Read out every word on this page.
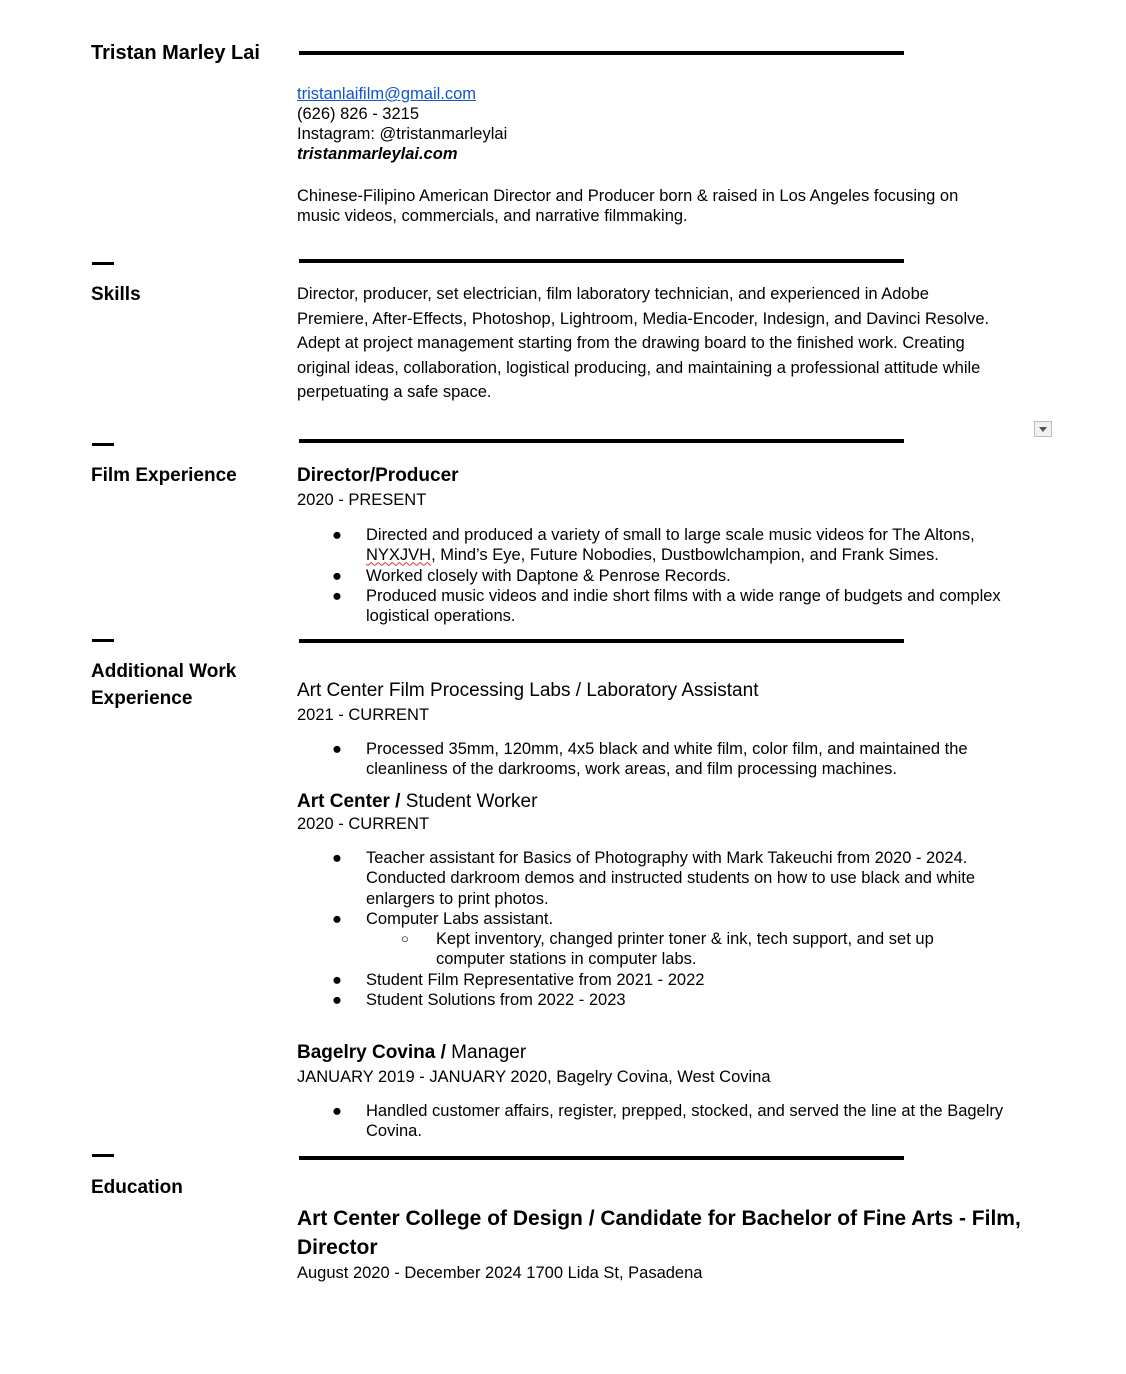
Tristan Marley Lai
tristanlaifilm@gmail.com
(626) 826 - 3215
Instagram: @tristanmarleylai
tristanmarleylai.com
Chinese-Filipino American Director and Producer born & raised in Los Angeles focusing on
music videos, commercials, and narrative filmmaking.
Skills	Director, producer, set electrician, film laboratory technician, and experienced in Adobe
Premiere, After-Effects, Photoshop, Lightroom, Media-Encoder, Indesign, and Davinci Resolve.
Adept at project management starting from the drawing board to the finished work. Creating
original ideas, collaboration, logistical producing, and maintaining a professional attitude while
perpetuating a safe space.
Film Experience	Director/Producer
2020 - PRESENT
● Directed and produced a variety of small to large scale music videos for The Altons,
NYXJVH, Mind’s Eye, Future Nobodies, Dustbowlchampion, and Frank Simes.
● Worked closely with Daptone & Penrose Records.
● Produced music videos and indie short films with a wide range of budgets and complex
logistical operations.
Additional Work
Experience	Art Center Film Processing Labs / Laboratory Assistant
2021 - CURRENT
● Processed 35mm, 120mm, 4x5 black and white film, color film, and maintained the
cleanliness of the darkrooms, work areas, and film processing machines.
Art Center / Student Worker
2020 - CURRENT
● Teacher assistant for Basics of Photography with Mark Takeuchi from 2020 - 2024.
Conducted darkroom demos and instructed students on how to use black and white
enlargers to print photos.
● Computer Labs assistant.
○ Kept inventory, changed printer toner & ink, tech support, and set up
computer stations in computer labs.
● Student Film Representative from 2021 - 2022
● Student Solutions from 2022 - 2023
Bagelry Covina / Manager
JANUARY 2019 - JANUARY 2020, Bagelry Covina, West Covina
● Handled customer affairs, register, prepped, stocked, and served the line at the Bagelry
Covina.
Education
Art Center College of Design / Candidate for Bachelor of Fine Arts - Film,
Director
August 2020 - December 2024 1700 Lida St, Pasadena
